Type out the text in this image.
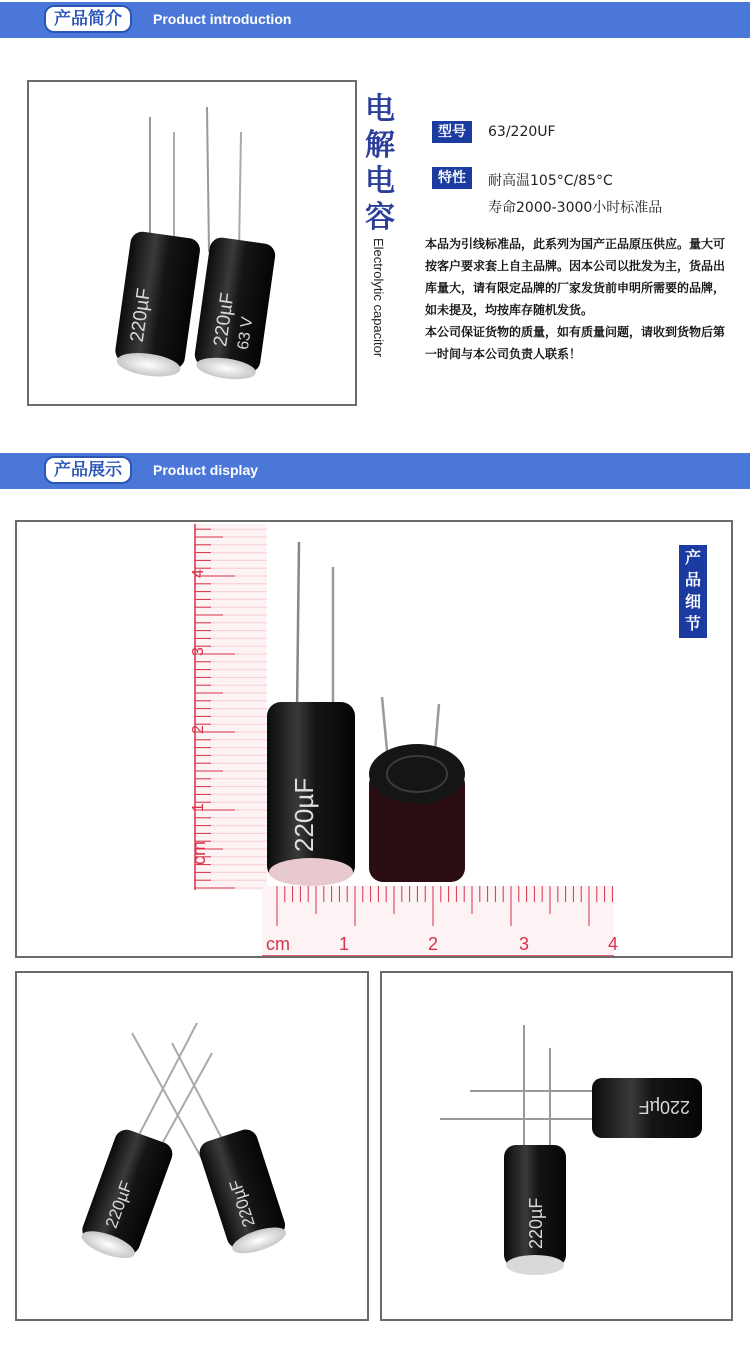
产品简介	Product introduction
220µF	220µF
63 V
电
解
电
容
Electrolytic capacitor
型号	63/220UF
特性	耐高温105°C/85°C
寿命2000-3000小时标准品

本品为引线标准品，此系列为国产正品原压供应。量大可按客户要求套上自主品牌。因本公司以批发为主，货品出库量大，请有限定品牌的厂家发货前申明所需要的品牌，如未提及，均按库存随机发货。

本公司保证货物的质量，如有质量问题，请收到货物后第一时间与本公司负责人联系！

产品展示	Product display
cm
1
2
3
4
cm	1	2	3	4
220µF
产
品
细
节
220µF	220µF
220µF
220µF
